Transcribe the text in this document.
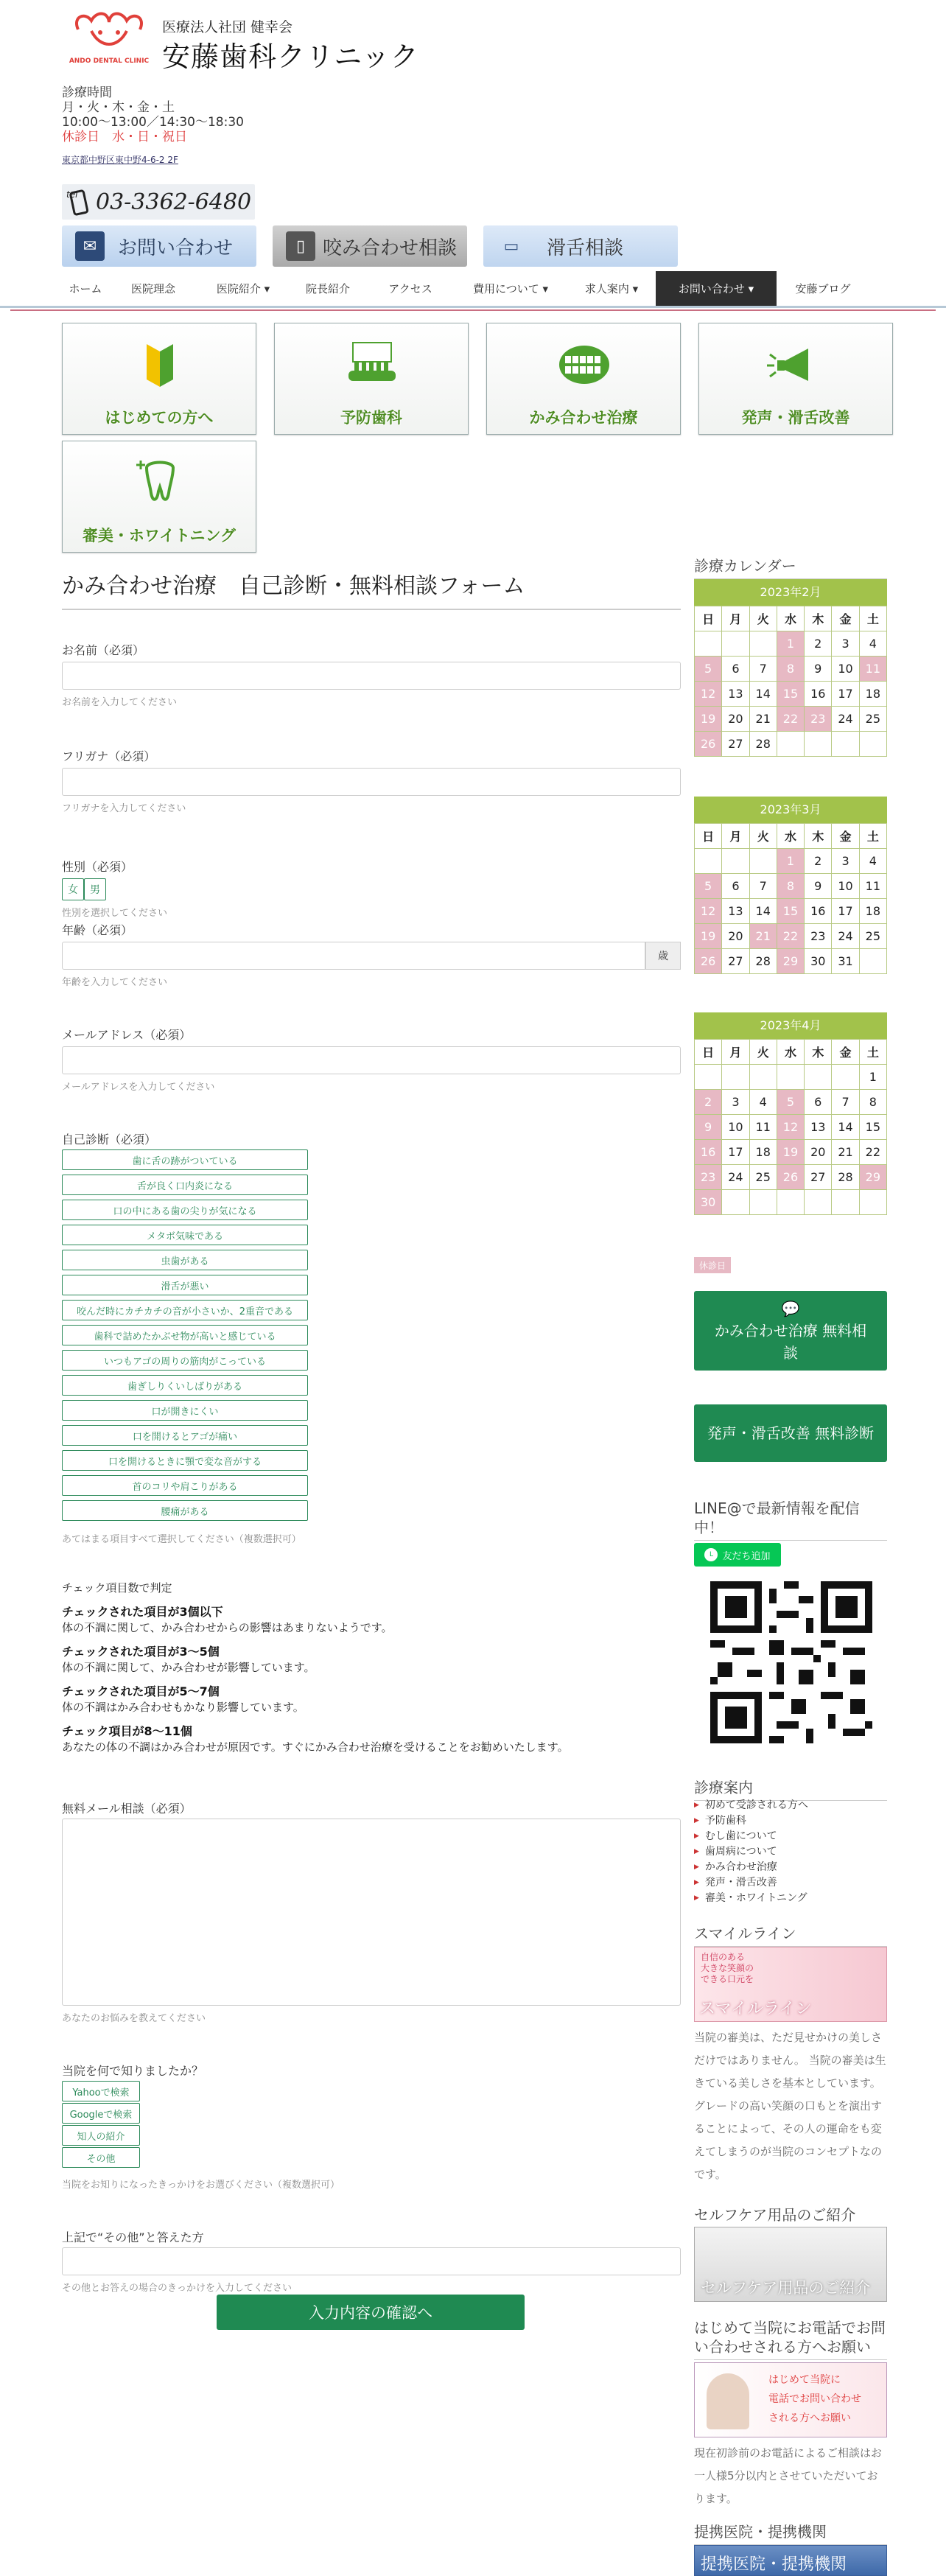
ANDO DENTAL CLINIC
医療法人社団 健幸会
安藤歯科クリニック
診療時間
月・火・木・金・土
10:00〜13:00／14:30〜18:30
休診日　水・日・祝日
東京都中野区東中野4-6-2 2F
tel 03-3362-6480
✉	お問い合わせ	▯ 咬み合わせ相談	▭	滑舌相談
ホーム	医院理念	医院紹介 ▾	院長紹介	アクセス	費用について ▾	求人案内 ▾	お問い合わせ ▾	安藤ブログ
はじめての方へ	予防歯科	かみ合わせ治療	発声・滑舌改善
審美・ホワイトニング
かみ合わせ治療　自己診断・無料相談フォーム
お名前（必須）
お名前を入力してください
フリガナ（必須）
フリガナを入力してください
性別（必須）
女	男
性別を選択してください
年齢（必須）
歳
年齢を入力してください
メールアドレス（必須）
メールアドレスを入力してください
自己診断（必須）
歯に舌の跡がついている
舌が良く口内炎になる
口の中にある歯の尖りが気になる
メタボ気味である
虫歯がある
滑舌が悪い
咬んだ時にカチカチの音が小さいか、2重音である
歯科で詰めたかぶせ物が高いと感じている
いつもアゴの周りの筋肉がこっている
歯ぎしりくいしばりがある
口が開きにくい
口を開けるとアゴが痛い
口を開けるときに顎で変な音がする
首のコリや肩こりがある
腰痛がある
あてはまる項目すべて選択してください（複数選択可）

チェック項目数で判定

チェックされた項目が3個以下

体の不調に関して、かみ合わせからの影響はあまりないようです。

チェックされた項目が3〜5個

体の不調に関して、かみ合わせが影響しています。

チェックされた項目が5〜7個

体の不調はかみ合わせもかなり影響しています。

チェック項目が8〜11個

あなたの体の不調はかみ合わせが原因です。すぐにかみ合わせ治療を受けることをお勧めいたします。

無料メール相談（必須）
あなたのお悩みを教えてください
当院を何で知りましたか？
Yahooで検索
Googleで検索
知人の紹介
その他
当院をお知りになったきっかけをお選びください（複数選択可）
上記で“その他”と答えた方
その他とお答えの場合のきっかけを入力してください
入力内容の確認へ
診療カレンダー
2023年2月
日	月	火	水	木	金	土
			1	2	3	4
5	6	7	8	9	10	11
12	13	14	15	16	17	18
19	20	21	22	23	24	25
26	27	28				
2023年3月
日	月	火	水	木	金	土
			1	2	3	4
5	6	7	8	9	10	11
12	13	14	15	16	17	18
19	20	21	22	23	24	25
26	27	28	29	30	31	
2023年4月
日	月	火	水	木	金	土
						1
2	3	4	5	6	7	8
9	10	11	12	13	14	15
16	17	18	19	20	21	22
23	24	25	26	27	28	29
30						
休診日
💬
かみ合わせ治療 無料相談
発声・滑舌改善 無料診断
LINE@で最新情報を配信中！
L 友だち追加
診療案内
▶ 初めて受診される方へ
▶ 予防歯科
▶ むし歯について
▶ 歯周病について
▶ かみ合わせ治療
▶ 発声・滑舌改善
▶ 審美・ホワイトニング
スマイルライン
自信のある
大きな笑顔の
できる口元を
スマイルライン
当院の審美は、ただ見せかけの美しさだけではありません。 当院の審美は生きている美しさを基本としています。 グレードの高い笑顔の口もとを演出することによって、その人の運命をも変えてしまうのが当院のコンセプトなのです。
セルフケア用品のご紹介
セルフケア用品のご紹介
はじめて当院にお電話でお問い合わせされる方へお願い
はじめて当院に
電話でお問い合わせ
される方へお願い
現在初診前のお電話によるご相談はお一人様5分以内とさせていただいております。
提携医院・提携機関
提携医院・提携機関
